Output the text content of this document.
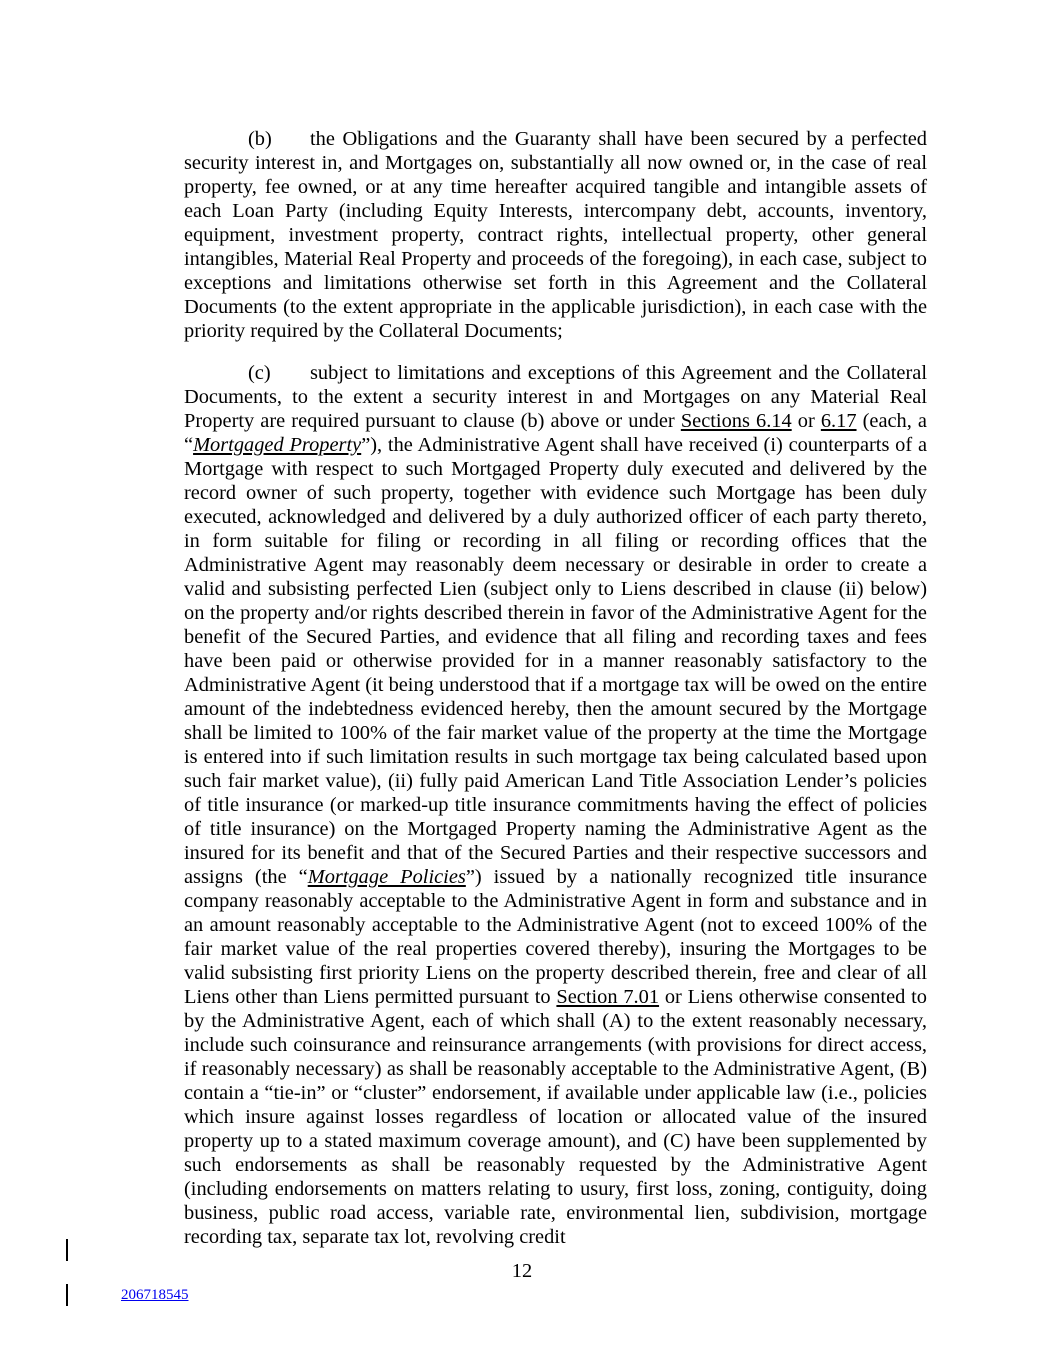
(b) the Obligations and the Guaranty shall have been secured by a perfected security interest in, and Mortgages on, substantially all now owned or, in the case of real property, fee owned, or at any time hereafter acquired tangible and intangible assets of each Loan Party (including Equity Interests, intercompany debt, accounts, inventory, equipment, investment property, contract rights, intellectual property, other general intangibles, Material Real Property and proceeds of the foregoing), in each case, subject to exceptions and limitations otherwise set forth in this Agreement and the Collateral Documents (to the extent appropriate in the applicable jurisdiction), in each case with the priority required by the Collateral Documents;

(c) subject to limitations and exceptions of this Agreement and the Collateral Documents, to the extent a security interest in and Mortgages on any Material Real Property are required pursuant to clause (b) above or under Sections 6.14 or 6.17 (each, a “Mortgaged Property”), the Administrative Agent shall have received (i) counterparts of a Mortgage with respect to such Mortgaged Property duly executed and delivered by the record owner of such property, together with evidence such Mortgage has been duly executed, acknowledged and delivered by a duly authorized officer of each party thereto, in form suitable for filing or recording in all filing or recording offices that the Administrative Agent may reasonably deem necessary or desirable in order to create a valid and subsisting perfected Lien (subject only to Liens described in clause (ii) below) on the property and/or rights described therein in favor of the Administrative Agent for the benefit of the Secured Parties, and evidence that all filing and recording taxes and fees have been paid or otherwise provided for in a manner reasonably satisfactory to the Administrative Agent (it being understood that if a mortgage tax will be owed on the entire amount of the indebtedness evidenced hereby, then the amount secured by the Mortgage shall be limited to 100% of the fair market value of the property at the time the Mortgage is entered into if such limitation results in such mortgage tax being calculated based upon such fair market value), (ii) fully paid American Land Title Association Lender’s policies of title insurance (or marked-up title insurance commitments having the effect of policies of title insurance) on the Mortgaged Property naming the Administrative Agent as the insured for its benefit and that of the Secured Parties and their respective successors and assigns (the “Mortgage Policies”) issued by a nationally recognized title insurance company reasonably acceptable to the Administrative Agent in form and substance and in an amount reasonably acceptable to the Administrative Agent (not to exceed 100% of the fair market value of the real properties covered thereby), insuring the Mortgages to be valid subsisting first priority Liens on the property described therein, free and clear of all Liens other than Liens permitted pursuant to Section 7.01 or Liens otherwise consented to by the Administrative Agent, each of which shall (A) to the extent reasonably necessary, include such coinsurance and reinsurance arrangements (with provisions for direct access, if reasonably necessary) as shall be reasonably acceptable to the Administrative Agent, (B) contain a “tie-in” or “cluster” endorsement, if available under applicable law (i.e., policies which insure against losses regardless of location or allocated value of the insured property up to a stated maximum coverage amount), and (C) have been supplemented by such endorsements as shall be reasonably requested by the Administrative Agent (including endorsements on matters relating to usury, first loss, zoning, contiguity, doing business, public road access, variable rate, environmental lien, subdivision, mortgage recording tax, separate tax lot, revolving credit

12
206718545
